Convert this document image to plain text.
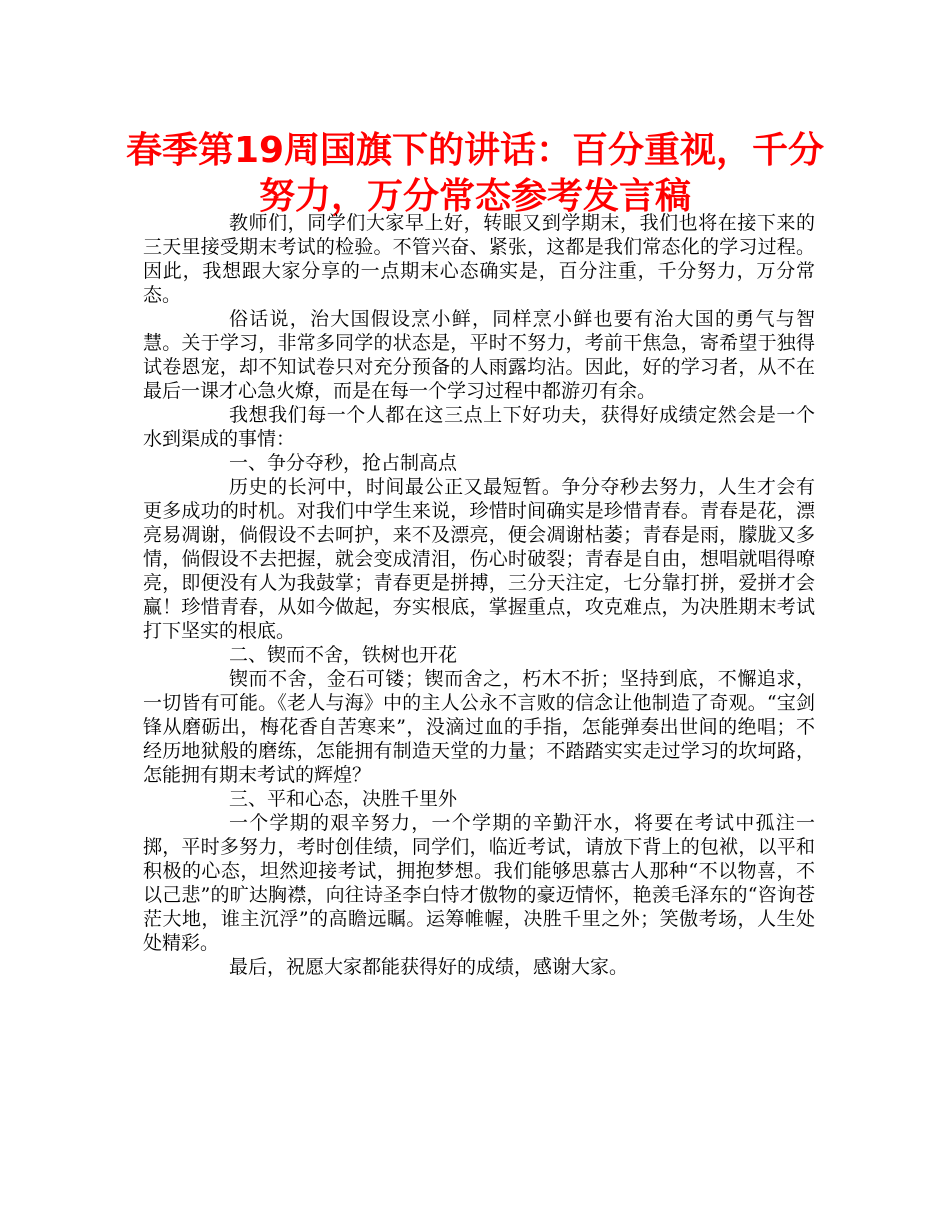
春季第19周国旗下的讲话：百分重视，千分努力，万分常态参考发言稿

教师们，同学们大家早上好，转眼又到学期末，我们也将在接下来的三天里接受期末考试的检验。不管兴奋、紧张，这都是我们常态化的学习过程。因此，我想跟大家分享的一点期末心态确实是，百分注重，千分努力，万分常态。

俗话说，治大国假设烹小鲜，同样烹小鲜也要有治大国的勇气与智慧。关于学习，非常多同学的状态是，平时不努力，考前干焦急，寄希望于独得试卷恩宠，却不知试卷只对充分预备的人雨露均沾。因此，好的学习者，从不在最后一课才心急火燎，而是在每一个学习过程中都游刃有余。

我想我们每一个人都在这三点上下好功夫，获得好成绩定然会是一个水到渠成的事情：

一、争分夺秒，抢占制高点

历史的长河中，时间最公正又最短暂。争分夺秒去努力，人生才会有更多成功的时机。对我们中学生来说，珍惜时间确实是珍惜青春。青春是花，漂亮易凋谢，倘假设不去呵护，来不及漂亮，便会凋谢枯萎；青春是雨，朦胧又多情，倘假设不去把握，就会变成清泪，伤心时破裂；青春是自由，想唱就唱得嘹亮，即便没有人为我鼓掌；青春更是拼搏，三分天注定，七分靠打拼，爱拼才会赢！珍惜青春，从如今做起，夯实根底，掌握重点，攻克难点，为决胜期末考试打下坚实的根底。

二、锲而不舍，铁树也开花

锲而不舍，金石可镂；锲而舍之，朽木不折；坚持到底，不懈追求，一切皆有可能。《老人与海》中的主人公永不言败的信念让他制造了奇观。“宝剑锋从磨砺出，梅花香自苦寒来”，没滴过血的手指，怎能弹奏出世间的绝唱；不经历地狱般的磨练，怎能拥有制造天堂的力量；不踏踏实实走过学习的坎坷路，怎能拥有期末考试的辉煌？

三、平和心态，决胜千里外

一个学期的艰辛努力，一个学期的辛勤汗水，将要在考试中孤注一掷，平时多努力，考时创佳绩，同学们，临近考试，请放下背上的包袱，以平和积极的心态，坦然迎接考试，拥抱梦想。我们能够思慕古人那种“不以物喜，不以己悲”的旷达胸襟，向往诗圣李白恃才傲物的豪迈情怀，艳羡毛泽东的“咨询苍茫大地，谁主沉浮”的高瞻远瞩。运筹帷幄，决胜千里之外；笑傲考场，人生处处精彩。

最后，祝愿大家都能获得好的成绩，感谢大家。
